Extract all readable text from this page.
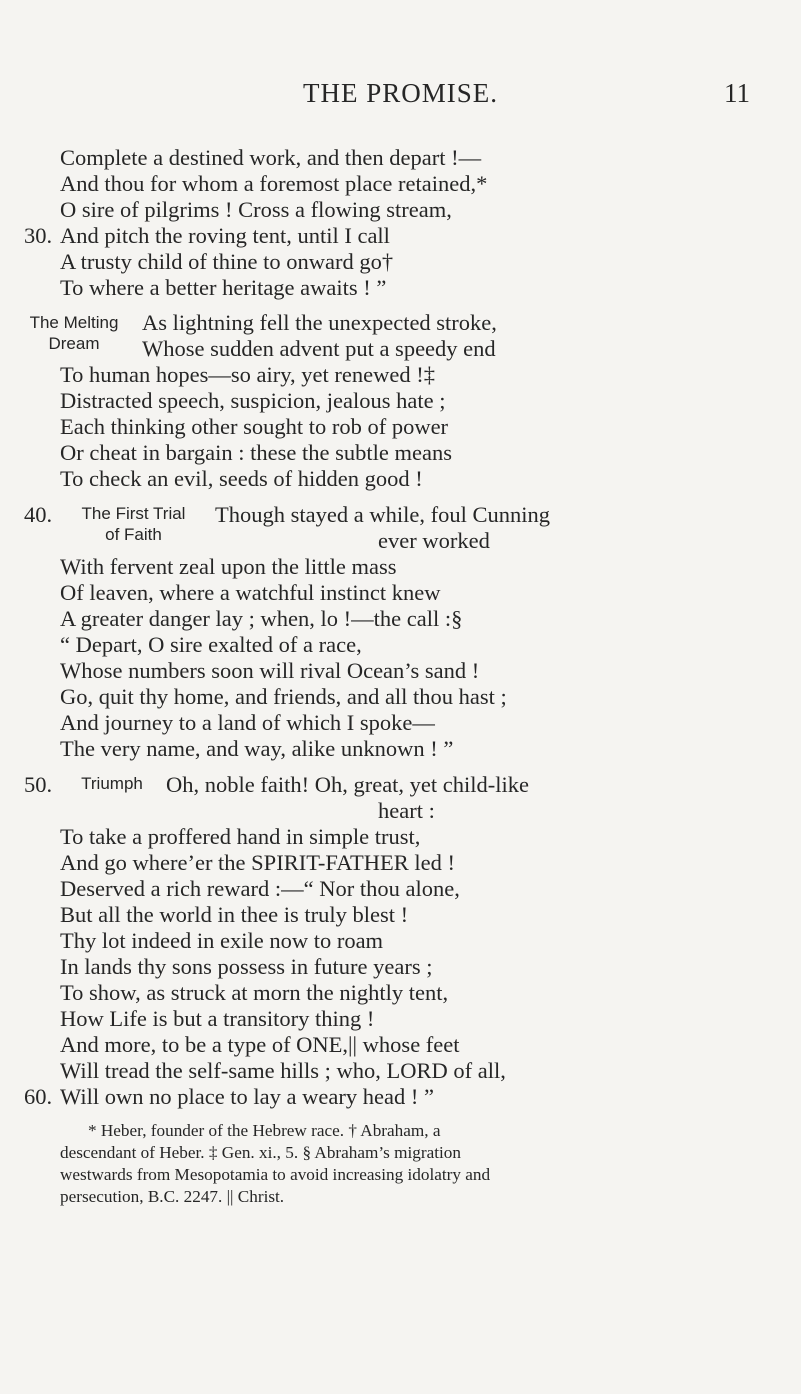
THE PROMISE.	11
Complete a destined work, and then depart !—
And thou for whom a foremost place retained,*
O sire of pilgrims ! Cross a flowing stream,
30. And pitch the roving tent, until I call
A trusty child of thine to onward go†
To where a better heritage awaits ! ”
The Melting
Dream
As lightning fell the unexpected stroke,
Whose sudden advent put a speedy end
To human hopes—so airy, yet renewed !‡
Distracted speech, suspicion, jealous hate ;
Each thinking other sought to rob of power
Or cheat in bargain : these the subtle means
To check an evil, seeds of hidden good !
40.	The First Trial
of Faith
Though stayed a while, foul Cunning
ever worked
With fervent zeal upon the little mass
Of leaven, where a watchful instinct knew
A greater danger lay ; when, lo !—the call :§
“ Depart, O sire exalted of a race,
Whose numbers soon will rival Ocean’s sand !
Go, quit thy home, and friends, and all thou hast ;
And journey to a land of which I spoke—
The very name, and way, alike unknown ! ”
50.	Triumph	Oh, noble faith! Oh, great, yet child-like
heart :
To take a proffered hand in simple trust,
And go where’er the SPIRIT-FATHER led !
Deserved a rich reward :—“ Nor thou alone,
But all the world in thee is truly blest !
Thy lot indeed in exile now to roam
In lands thy sons possess in future years ;
To show, as struck at morn the nightly tent,
How Life is but a transitory thing !
And more, to be a type of ONE,|| whose feet
Will tread the self-same hills ; who, LORD of all,
60. Will own no place to lay a weary head ! ”
* Heber, founder of the Hebrew race. † Abraham, a
descendant of Heber. ‡ Gen. xi., 5. § Abraham’s migration
westwards from Mesopotamia to avoid increasing idolatry and
persecution, B.C. 2247. || Christ.
